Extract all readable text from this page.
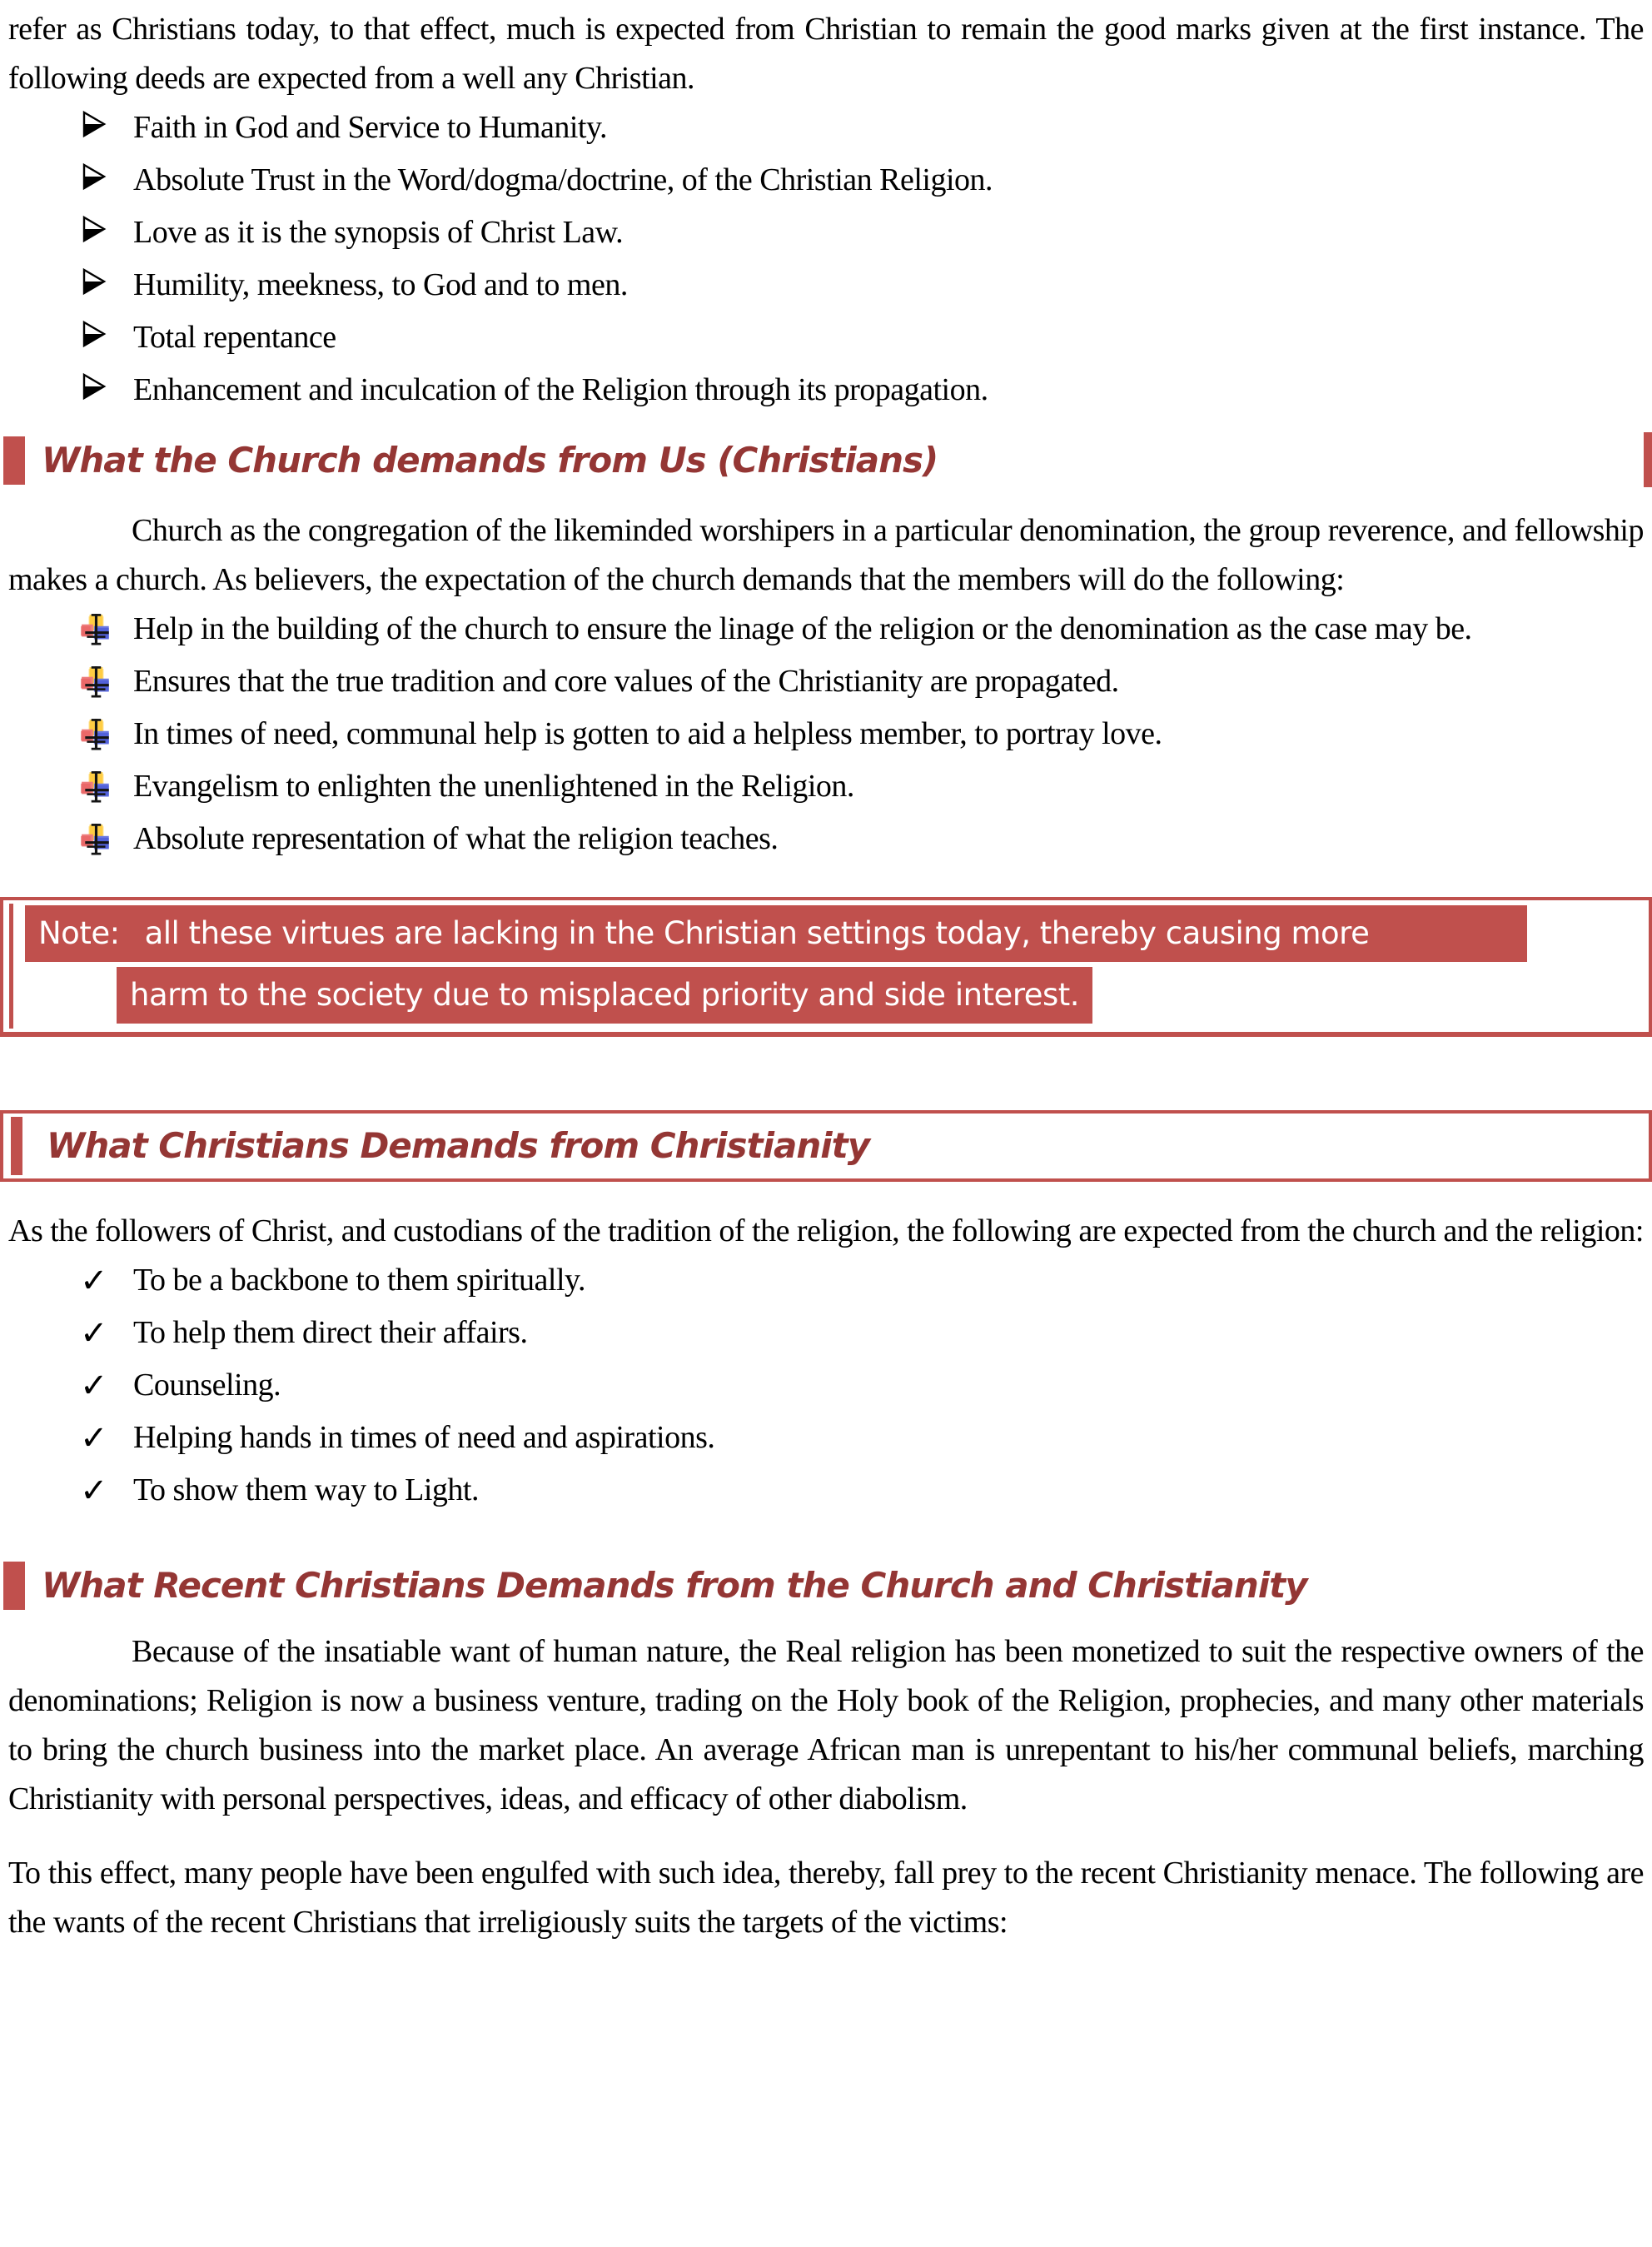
refer as Christians today, to that effect, much is expected from Christian to remain the good marks given at the first instance. The following deeds are expected from a well any Christian.

Faith in God and Service to Humanity.
Absolute Trust in the Word/dogma/doctrine, of the Christian Religion.
Love as it is the synopsis of Christ Law.
Humility, meekness, to God and to men.
Total repentance
Enhancement and inculcation of the Religion through its propagation.
What the Church demands from Us (Christians)

Church as the congregation of the likeminded worshipers in a particular denomination, the group reverence, and fellowship makes a church. As believers, the expectation of the church demands that the members will do the following:

Help in the building of the church to ensure the linage of the religion or the denomination as the case may be.
Ensures that the true tradition and core values of the Christianity are propagated.
In times of need, communal help is gotten to aid a helpless member, to portray love.
Evangelism to enlighten the unenlightened in the Religion.
Absolute representation of what the religion teaches.
Note: all these virtues are lacking in the Christian settings today, thereby causing more
harm to the society due to misplaced priority and side interest.
What Christians Demands from Christianity

As the followers of Christ, and custodians of the tradition of the religion, the following are expected from the church and the religion:

✓ To be a backbone to them spiritually.
✓ To help them direct their affairs.
✓ Counseling.
✓ Helping hands in times of need and aspirations.
✓ To show them way to Light.
What Recent Christians Demands from the Church and Christianity

Because of the insatiable want of human nature, the Real religion has been monetized to suit the respective owners of the denominations; Religion is now a business venture, trading on the Holy book of the Religion, prophecies, and many other materials to bring the church business into the market place. An average African man is unrepentant to his/her communal beliefs, marching Christianity with personal perspectives, ideas, and efficacy of other diabolism.

To this effect, many people have been engulfed with such idea, thereby, fall prey to the recent Christianity menace. The following are the wants of the recent Christians that irreligiously suits the targets of the victims:
